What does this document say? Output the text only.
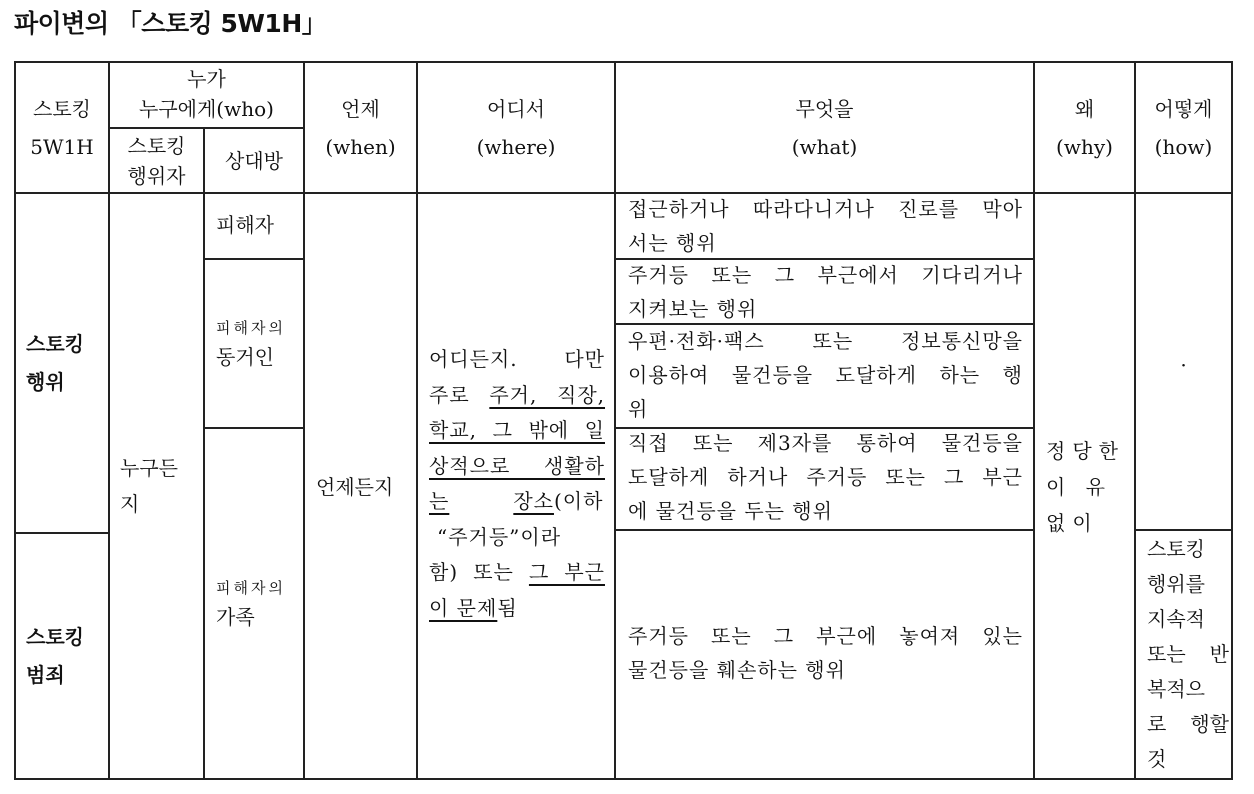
파이변의 「스토킹 5W1H」
스토킹
5W1H
누가
누구에게(who)
스토킹
행위자
상대방
언제
(when)
어디서
(where)
무엇을
(what)
왜
(why)
어떻게
(how)
스토킹
행위
스토킹
범죄
누구든
지
피해자
피해자의
동거인
피해자의
가족
언제든지
어디든지. 다만
주로 주거, 직장,
학교, 그 밖에 일
상적으로 생활하
는	장소(이하
“주거등”이라
함) 또는 그 부근
이 문제됨
접근하거나 따라다니거나 진로를 막아
서는 행위
주거등 또는 그 부근에서 기다리거나
지켜보는 행위
우편·전화·팩스 또는 정보통신망을
이용하여 물건등을 도달하게 하는 행
위
직접 또는 제3자를 통하여 물건등을
도달하게 하거나 주거등 또는 그 부근
에 물건등을 두는 행위
주거등 또는 그 부근에 놓여져 있는
물건등을 훼손하는 행위
정당한
이 유
없이
·
스토킹
행위를
지속적
또는 반
복적으
로 행할
것
